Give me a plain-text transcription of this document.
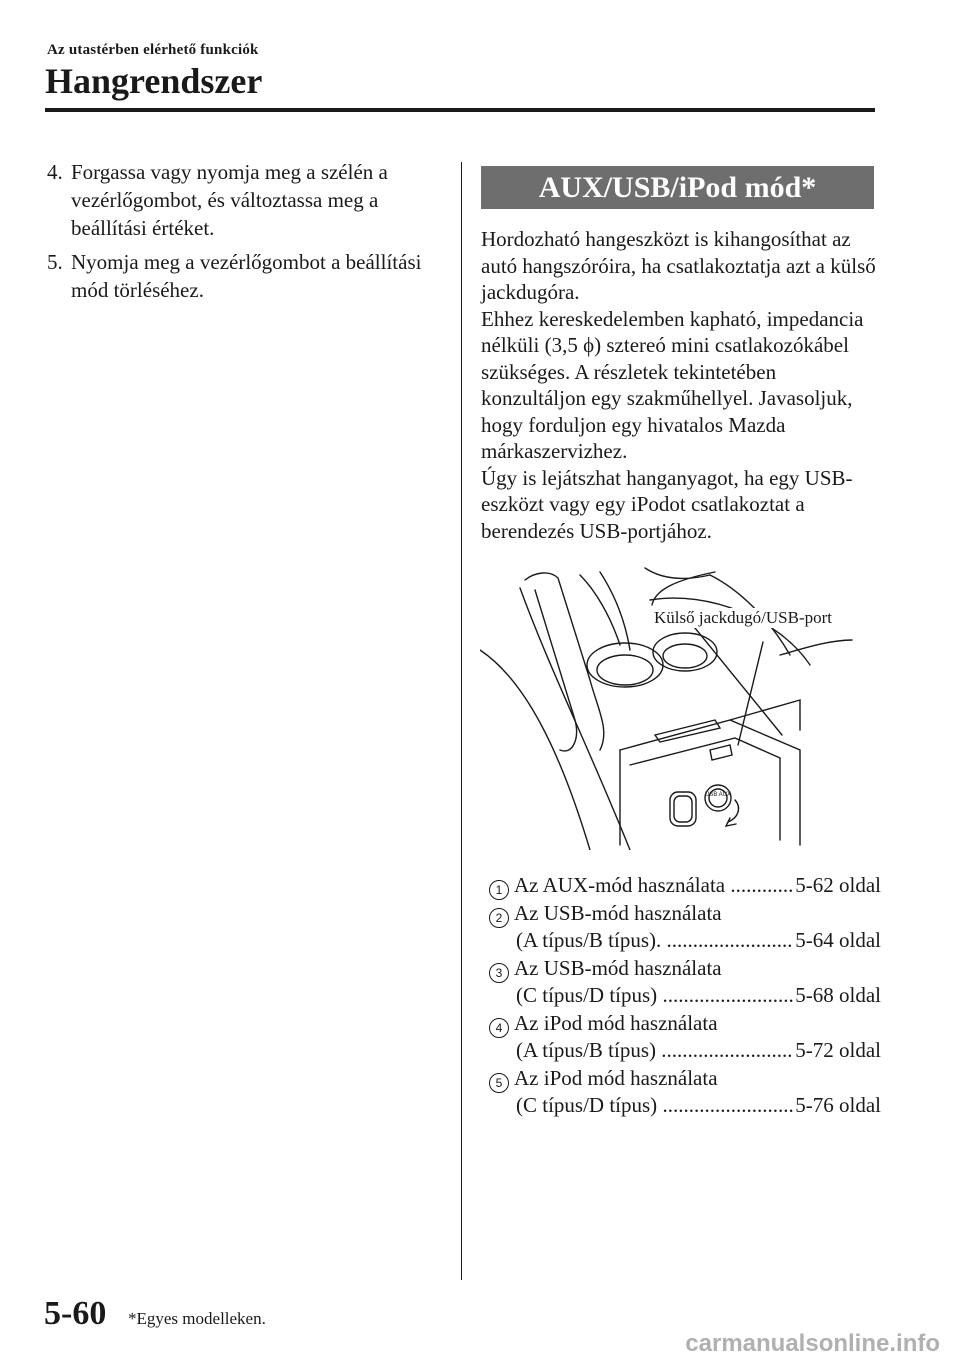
Az utastérben elérhető funkciók
Hangrendszer
4. Forgassa vagy nyomja meg a szélén a vezérlőgombot, és változtassa meg a beállítási értéket.
5. Nyomja meg a vezérlőgombot a beállítási mód törléséhez.
AUX/USB/iPod mód*

Hordozható hangeszközt is kihangosíthat az autó hangszóróira, ha csatlakoztatja azt a külső jackdugóra.

Ehhez kereskedelemben kapható, impedancia nélküli (3,5 ϕ) sztereó mini csatlakozókábel szükséges. A részletek tekintetében konzultáljon egy szakműhellyel. Javasoljuk, hogy forduljon egy hivatalos Mazda márkaszervizhez.

Úgy is lejátszhat hanganyagot, ha egy USB-eszközt vagy egy iPodot csatlakoztat a berendezés USB-portjához.

USB AUX
Külső jackdugó/USB-port
1 Az AUX-mód használata .....	5-62 oldal
2 Az USB-mód használata
(A típus/B típus). .....	5-64 oldal
3 Az USB-mód használata
(C típus/D típus) .....	5-68 oldal
4 Az iPod mód használata
(A típus/B típus) .....	5-72 oldal
5 Az iPod mód használata
(C típus/D típus) .....	5-76 oldal
5-60 *Egyes modelleken.
carmanualsonline.info
